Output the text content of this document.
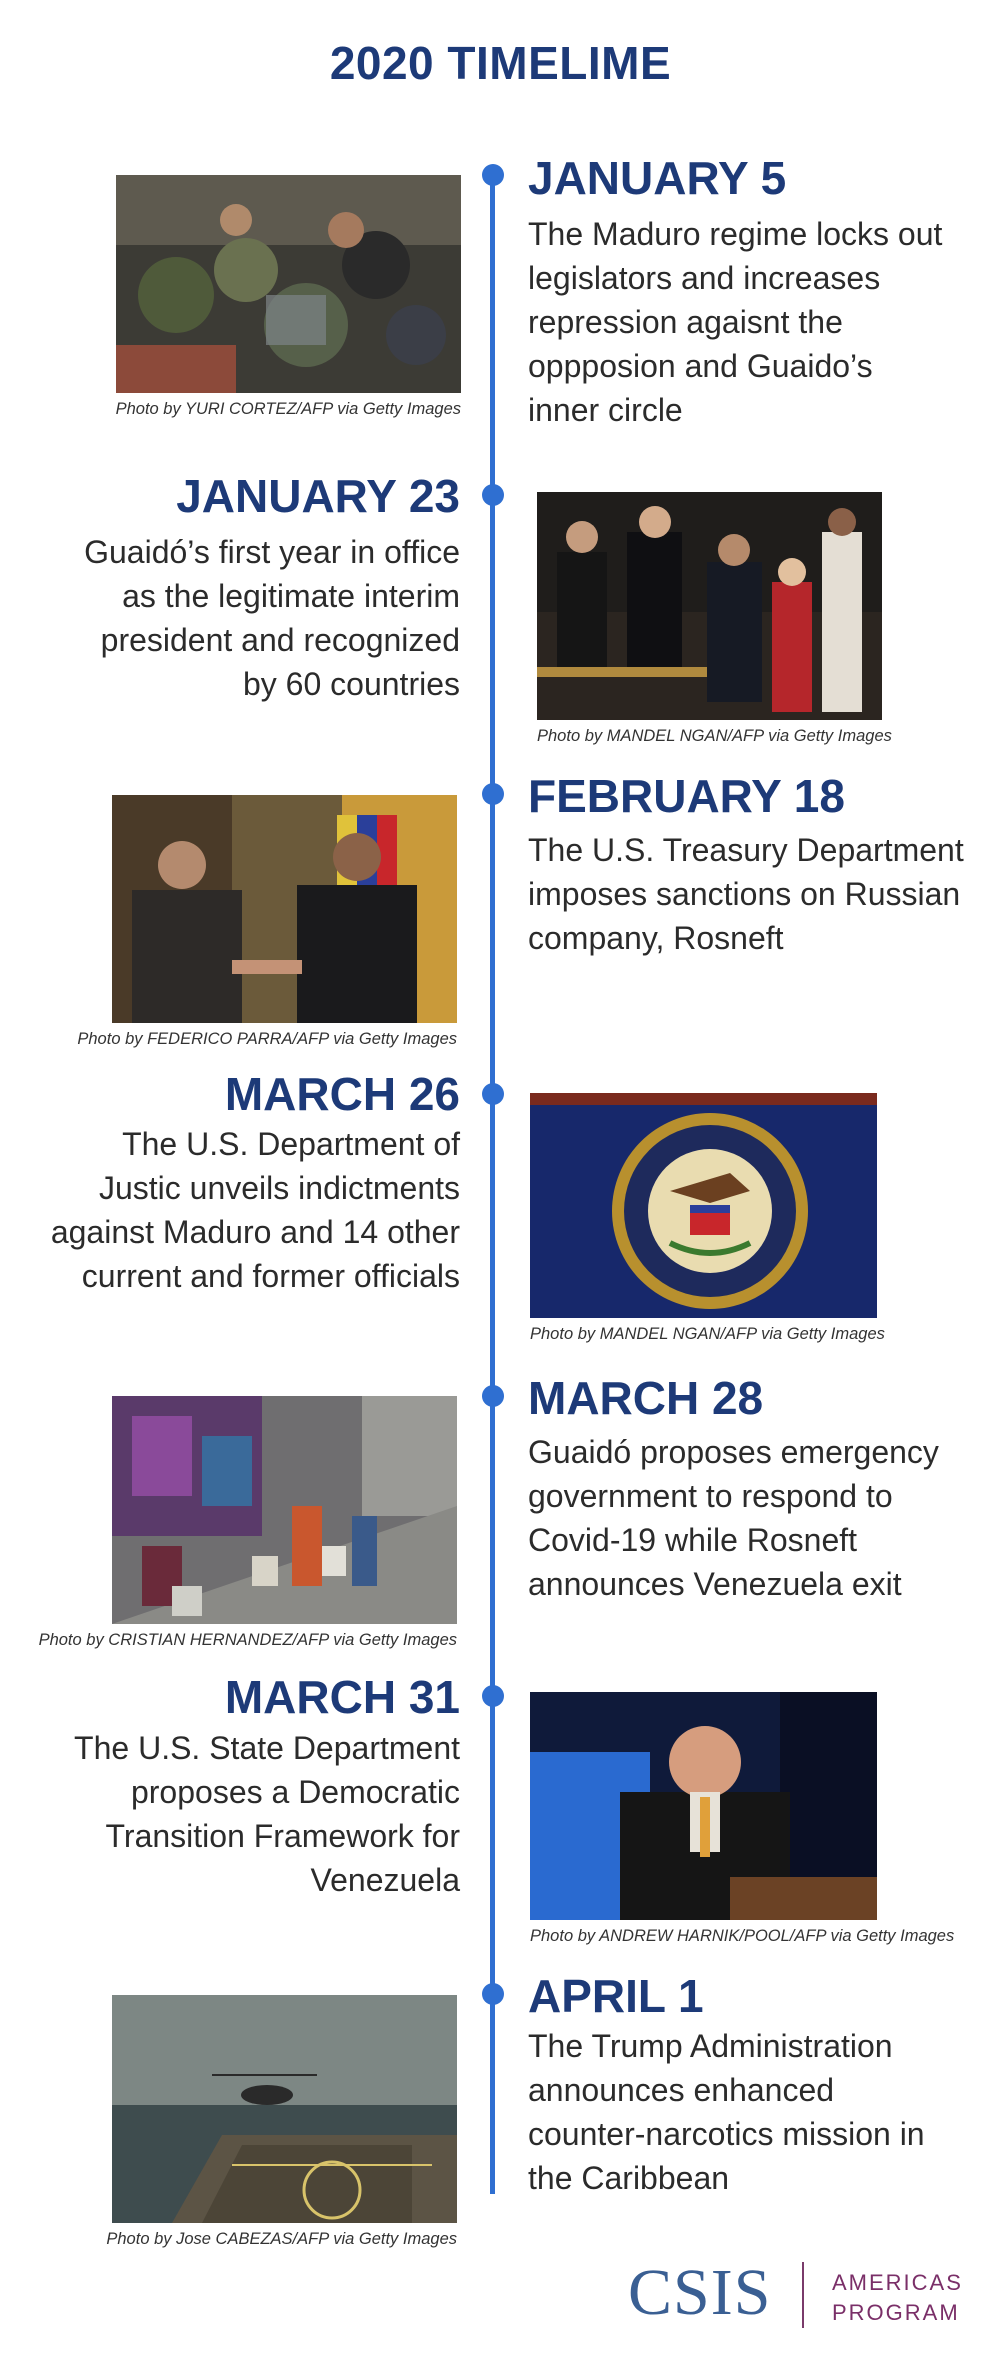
2020 TIMELIME
JANUARY 5
The Maduro regime locks out
legislators and increases
repression agaisnt the
oppposion and Guaido’s
inner circle
Photo by YURI CORTEZ/AFP via Getty Images
JANUARY 23
Guaidó’s first year in office
as the legitimate interim
president and recognized
by 60 countries
Photo by MANDEL NGAN/AFP via Getty Images
FEBRUARY 18
The U.S. Treasury Department
imposes sanctions on Russian
company, Rosneft
Photo by FEDERICO PARRA/AFP via Getty Images
MARCH 26
The U.S. Department of
Justic unveils indictments
against Maduro and 14 other
current and former officials
Photo by MANDEL NGAN/AFP via Getty Images
MARCH 28
Guaidó proposes emergency
government to respond to
Covid-19 while Rosneft
announces Venezuela exit
Photo by CRISTIAN HERNANDEZ/AFP via Getty Images
MARCH 31
The U.S. State Department
proposes a Democratic
Transition Framework for
Venezuela
Photo by ANDREW HARNIK/POOL/AFP via Getty Images
APRIL 1
The Trump Administration
announces enhanced
counter-narcotics mission in
the Caribbean
Photo by Jose CABEZAS/AFP via Getty Images
CSIS	AMERICAS
PROGRAM
